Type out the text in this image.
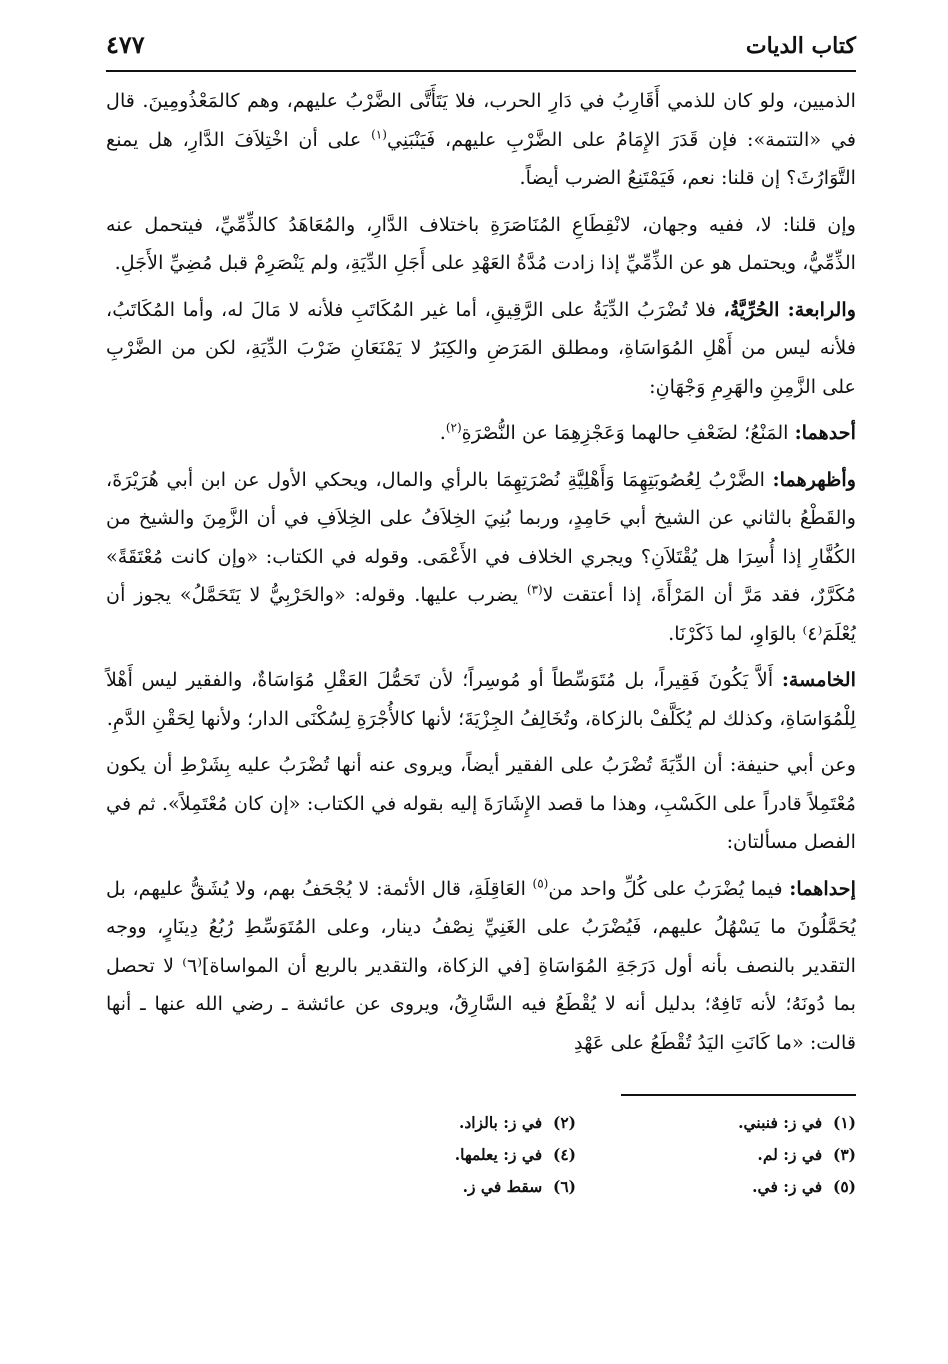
كتاب الديات
٤٧٧

الذميين، ولو كان للذمي أَقَارِبُ في دَارِ الحرب، فلا يَتَأَتَّى الضَّرْبُ عليهم، وهم كالمَعْذُومِينَ. قال في «التتمة»: فإن قَدَرَ الإِمَامُ على الضَّرْبِ عليهم، فَيَنْبَنِي$^{(١)}$ على أن اخْتِلاَفَ الدَّارِ، هل يمنع التَّوَارُثَ؟ إن قلنا: نعم، فَيَمْتَنِعُ الضرب أيضاً.

وإن قلنا: لا، ففيه وجهان، لانْقِطَاعِ المُنَاصَرَةِ باختلاف الدَّارِ، والمُعَاهَدُ كالذِّمِّيِّ، فيتحمل عنه الذِّمِّيُّ، ويحتمل هو عن الذِّمِّيِّ إذا زادت مُدَّةُ العَهْدِ على أَجَلِ الدِّيَةِ، ولم يَنْصَرِمْ قبل مُضِيِّ الأَجَلِ.

والرابعة: الحُرِّيَّةُ، فلا تُضْرَبُ الدِّيَةُ على الرَّقِيقِ، أما غير المُكَاتَبِ فلأنه لا مَالَ له، وأما المُكَاتَبُ، فلأنه ليس من أَهْلِ المُوَاسَاةِ، ومطلق المَرَضِ والكِبَرُ لا يَمْنَعَانِ ضَرْبَ الدِّيَةِ، لكن من الضَّرْبِ على الزَّمِنِ والهَرِمِ وَجْهَانِ:

أحدهما: المَنْعُ؛ لضَعْفِ حالهما وَعَجْزِهِمَا عن النُّصْرَةِ$^{(٢)}$.

وأظهرهما: الضَّرْبُ لِعُصُوبَتِهِمَا وَأَهْلِيَّةِ نُصْرَتِهِمَا بالرأي والمال، ويحكي الأول عن ابن أبي هُرَيْرَةَ، والقَطْعُ بالثاني عن الشيخ أبي حَامِدٍ، وربما بُنِيَ الخِلاَفُ على الخِلاَفِ في أن الزَّمِنَ والشيخ من الكُفَّارِ إذا أُسِرَا هل يُقْتَلاَنِ؟ ويجري الخلاف في الأَعْمَى. وقوله في الكتاب: «وإن كانت مُعْتَقَةً» مُكَرَّرٌ، فقد مَرَّ أن المَرْأَةَ، إذا أعتقت لا$^{(٣)}$ يضرب عليها. وقوله: «والحَرْبِيُّ لا يَتَحَمَّلُ» يجوز أن يُعْلَمَ⁽٤⁾ بالوَاوِ، لما ذَكَرْنَا.

الخامسة: أَلاَّ يَكُونَ فَقِيراً، بل مُتَوَسِّطاً أو مُوسِراً؛ لأن تَحَمُّلَ العَقْلِ مُوَاسَاةٌ، والفقير ليس أَهْلاً لِلْمُوَاسَاةِ، وكذلك لم يُكَلَّفْ بالزكاة، وتُخَالِفُ الجِزْيَةَ؛ لأنها كالأُجْرَةِ لِسُكْنَى الدار؛ ولأنها لِحَقْنِ الدَّمِ.

وعن أبي حنيفة: أن الدِّيَةَ تُضْرَبُ على الفقير أيضاً، ويروى عنه أنها تُضْرَبُ عليه بِشَرْطِ أن يكون مُعْتَمِلاً قادراً على الكَسْبِ، وهذا ما قصد الإِشَارَةَ إليه بقوله في الكتاب: «إن كان مُعْتَمِلاً». ثم في الفصل مسألتان:

إحداهما: فيما يُضْرَبُ على كُلِّ واحد من$^{(٥)}$ العَاقِلَةِ، قال الأئمة: لا يُجْحَفُ بهم، ولا يُشَقُّ عليهم، بل يُحَمَّلُونَ ما يَسْهُلُ عليهم، فَيُضْرَبُ على الغَنِيِّ نِصْفُ دينار، وعلى المُتَوَسِّطِ رُبُعُ دِينَارٍ، ووجه التقدير بالنصف بأنه أول دَرَجَةِ المُوَاسَاةِ [في الزكاة، والتقدير بالربع أن المواساة]⁽٦⁾ لا تحصل بما دُونَهُ؛ لأنه تَافِهٌ؛ بدليل أنه لا يُقْطَعُ فيه السَّارِقُ، ويروى عن عائشة ـ رضي الله عنها ـ أنها قالت: «ما كَانَتِ اليَدُ تُقْطَعُ على عَهْدِ

(١)  في ز: فنبني.
(٢)  في ز: بالزاد.
(٣)  في ز: لم.
(٤)  في ز: يعلمها.
(٥)  في ز: في.
(٦)  سقط في ز.
